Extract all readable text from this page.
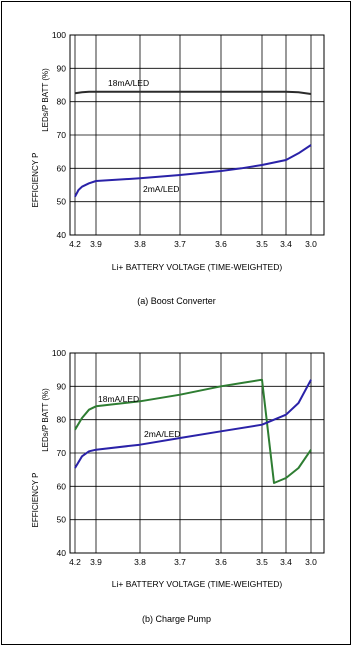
40
50
60
70
80
90
100
4.2 3.9	3.8	3.7	3.6	3.5 3.4 3.0
Li+ BATTERY VOLTAGE (TIME-WEIGHTED)
EFFICIENCY P
LEDs/P BATT (%)	18mA/LED
2mA/LED
40
50
60
70
80
90
100
4.2 3.9	3.8	3.7	3.6	3.5 3.4 3.0
Li+ BATTERY VOLTAGE (TIME-WEIGHTED)
EFFICIENCY P
LEDs/P BATT (%)	18mA/LED
2mA/LED
(a) Boost Converter
(b) Charge Pump
